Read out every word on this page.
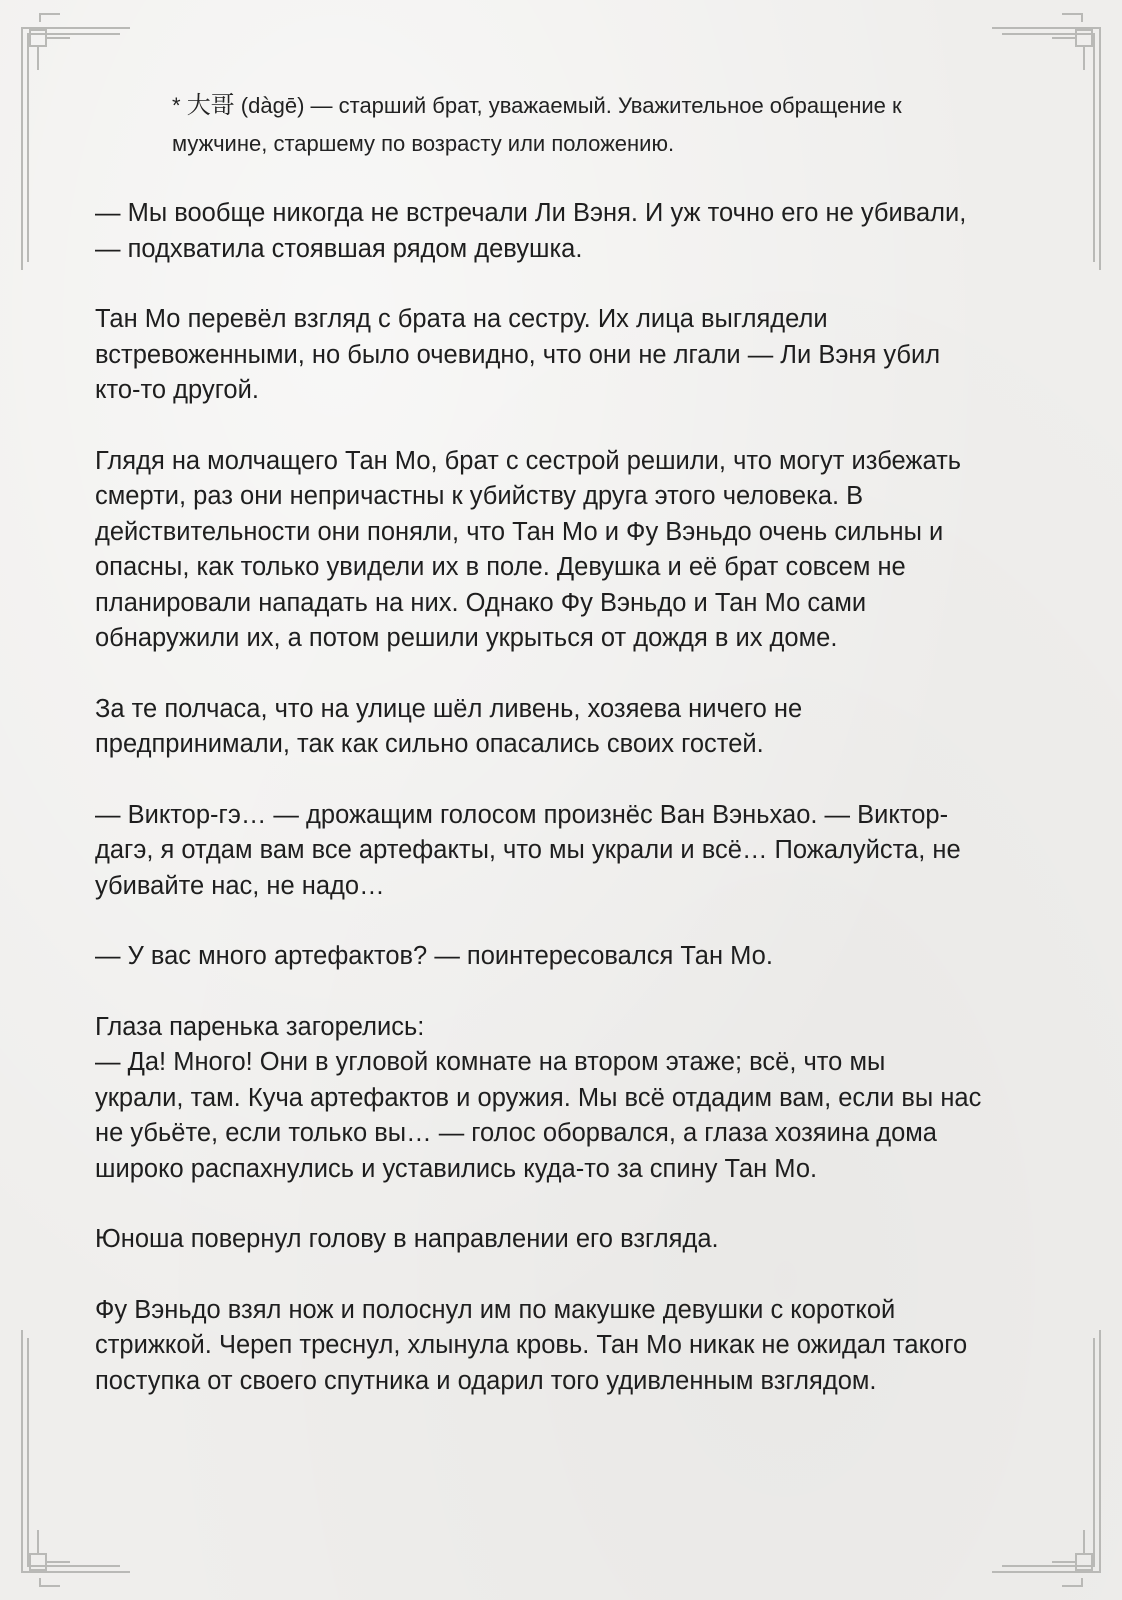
* 大哥 (dàgē) — старший брат, уважаемый. Уважительное обращение к
мужчине, старшему по возрасту или положению.
— Мы вообще никогда не встречали Ли Вэня. И уж точно его не убивали,
— подхватила стоявшая рядом девушка.
Тан Мо перевёл взгляд с брата на сестру. Их лица выглядели
встревоженными, но было очевидно, что они не лгали — Ли Вэня убил
кто-то другой.
Глядя на молчащего Тан Мо, брат с сестрой решили, что могут избежать
смерти, раз они непричастны к убийству друга этого человека. В
действительности они поняли, что Тан Мо и Фу Вэньдо очень сильны и
опасны, как только увидели их в поле. Девушка и её брат совсем не
планировали нападать на них. Однако Фу Вэньдо и Тан Мо сами
обнаружили их, а потом решили укрыться от дождя в их доме.
За те полчаса, что на улице шёл ливень, хозяева ничего не
предпринимали, так как сильно опасались своих гостей.
— Виктор-гэ… — дрожащим голосом произнёс Ван Вэньхао. — Виктор-
дагэ, я отдам вам все артефакты, что мы украли и всё… Пожалуйста, не
убивайте нас, не надо…
— У вас много артефактов? — поинтересовался Тан Мо.
Глаза паренька загорелись:
— Да! Много! Они в угловой комнате на втором этаже; всё, что мы
украли, там. Куча артефактов и оружия. Мы всё отдадим вам, если вы нас
не убьёте, если только вы… — голос оборвался, а глаза хозяина дома
широко распахнулись и уставились куда-то за спину Тан Мо.
Юноша повернул голову в направлении его взгляда.
Фу Вэньдо взял нож и полоснул им по макушке девушки с короткой
стрижкой. Череп треснул, хлынула кровь. Тан Мо никак не ожидал такого
поступка от своего спутника и одарил того удивленным взглядом.
